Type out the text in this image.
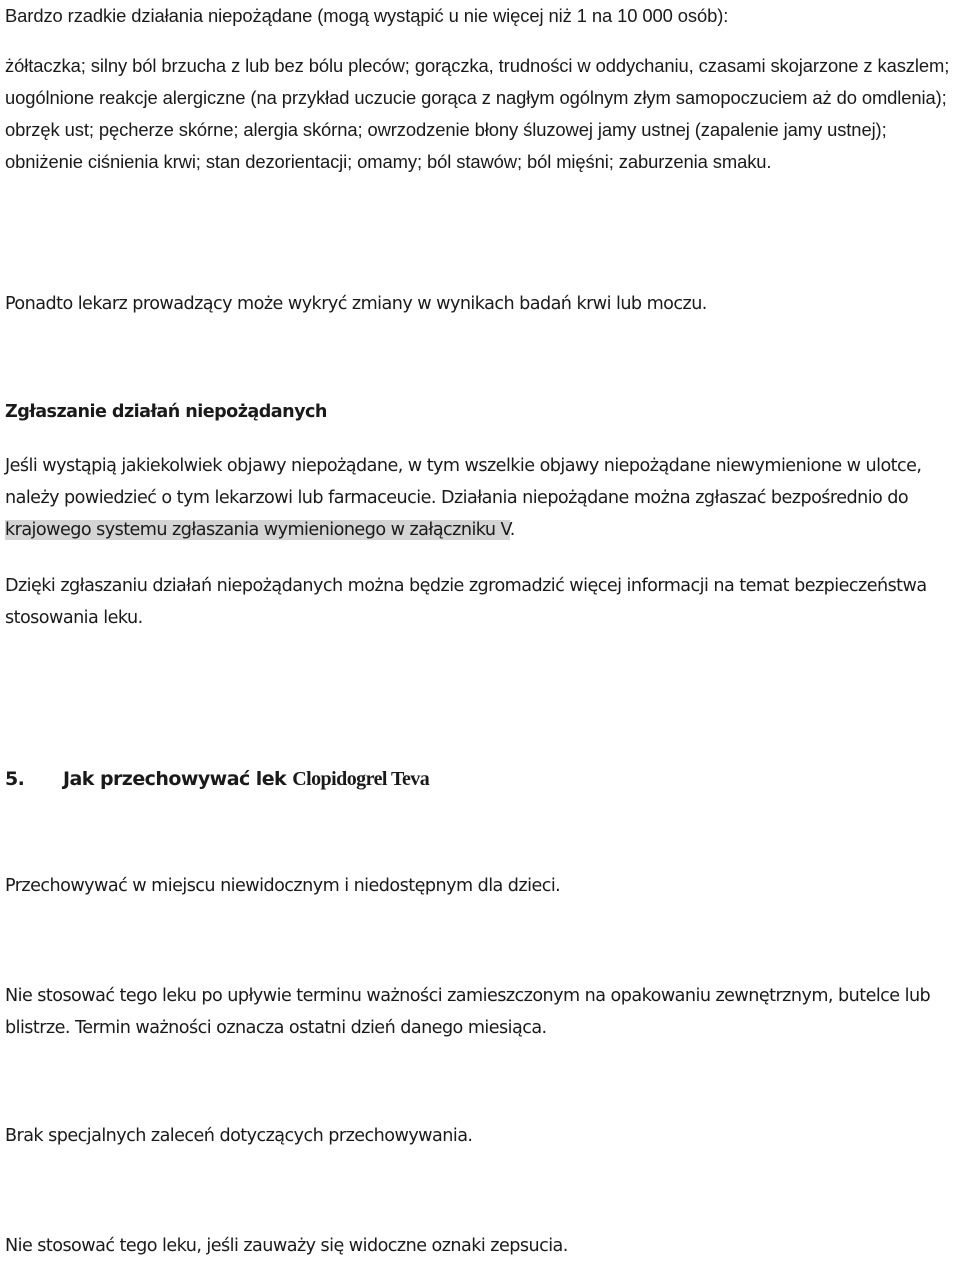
Bardzo rzadkie działania niepożądane (mogą wystąpić u nie więcej niż 1 na 10 000 osób):

żółtaczka; silny ból brzucha z lub bez bólu pleców; gorączka, trudności w oddychaniu, czasami skojarzone z kaszlem; uogólnione reakcje alergiczne (na przykład uczucie gorąca z nagłym ogólnym złym samopoczuciem aż do omdlenia); obrzęk ust; pęcherze skórne; alergia skórna; owrzodzenie błony śluzowej jamy ustnej (zapalenie jamy ustnej); obniżenie ciśnienia krwi; stan dezorientacji; omamy; ból stawów; ból mięśni; zaburzenia smaku.

Ponadto lekarz prowadzący może wykryć zmiany w wynikach badań krwi lub moczu.

Zgłaszanie działań niepożądanych

Jeśli wystąpią jakiekolwiek objawy niepożądane, w tym wszelkie objawy niepożądane niewymienione w ulotce, należy powiedzieć o tym lekarzowi lub farmaceucie. Działania niepożądane można zgłaszać bezpośrednio do krajowego systemu zgłaszania wymienionego w załączniku V.

Dzięki zgłaszaniu działań niepożądanych można będzie zgromadzić więcej informacji na temat bezpieczeństwa stosowania leku.

5. Jak przechowywać lek Clopidogrel Teva

Przechowywać w miejscu niewidocznym i niedostępnym dla dzieci.

Nie stosować tego leku po upływie terminu ważności zamieszczonym na opakowaniu zewnętrznym, butelce lub blistrze. Termin ważności oznacza ostatni dzień danego miesiąca.

Brak specjalnych zaleceń dotyczących przechowywania.

Nie stosować tego leku, jeśli zauważy się widoczne oznaki zepsucia.
